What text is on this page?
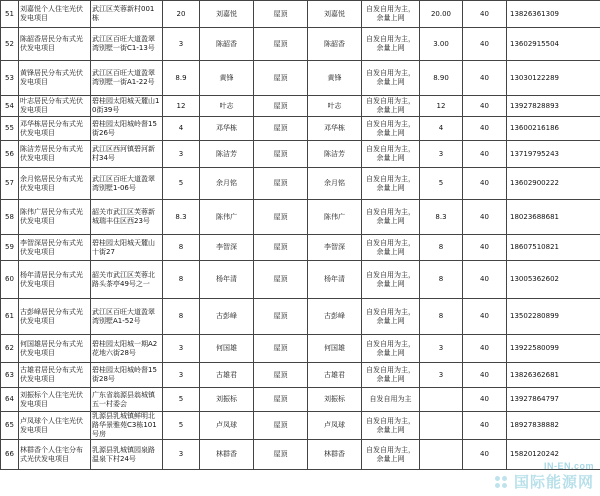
51	刘嘉悦个人住宅光伏发电项目	武江区芙蓉新村001栋	20	刘嘉悦	屋顶	刘嘉悦	自发自用为主，余量上网	20.00	40	13826361309
52	陈韶香居民分布式光伏发电项目	武江区百旺大道盈翠湾别墅一街C1-13号	3	陈韶香	屋顶	陈韶香	自发自用为主，余量上网	3.00	40	13602915504
53	黄锋居民分布式光伏发电项目	武江区百旺大道盈翠湾别墅一街A1-22号	8.9	黄锋	屋顶	黄锋	自发自用为主，余量上网	8.90	40	13030122289
54	叶志居民分布式光伏发电项目	碧桂园太阳城天麓山10街39号	12	叶志	屋顶	叶志	自发自用为主，余量上网	12	40	13927828893
55	邓华栋居民分布式光伏发电项目	碧桂园太阳城岭督15街26号	4	邓华栋	屋顶	邓华栋	自发自用为主，余量上网	4	40	13600216186
56	陈洁芳居民分布式光伏发电项目	武江区西河镇碧河新村34号	3	陈洁芳	屋顶	陈洁芳	自发自用为主，余量上网	3	40	13719795243
57	余月铭居民分布式光伏发电项目	武江区百旺大道盈翠湾别墅1-06号	5	余月铭	屋顶	余月铭	自发自用为主，余量上网	5	40	13602900222
58	陈伟广居民分布式光伏发电项目	韶关市武江区芙蓉新城瑞丰住区西23号	8.3	陈伟广	屋顶	陈伟广	自发自用为主，余量上网	8.3	40	18023688681
59	李智深居民分布式光伏发电项目	碧桂园太阳城天麓山十街27	8	李智深	屋顶	李智深	自发自用为主，余量上网	8	40	18607510821
60	杨年清居民分布式光伏发电项目	韶关市武江区芙蓉北路头茶亭49号之一	8	杨年清	屋顶	杨年清	自发自用为主，余量上网	8	40	13005362602
61	古彭峰居民分布式光伏发电项目	武江区百旺大道盈翠湾别墅A1-52号	8	古彭峰	屋顶	古彭峰	自发自用为主，余量上网	8	40	13502280899
62	何国雄居民分布式光伏发电项目	碧桂园太阳城一期A2花地六街28号	3	何国雄	屋顶	何国雄	自发自用为主，余量上网	3	40	13922580099
63	古雄君居民分布式光伏发电项目	碧桂园太阳城岭督15街28号	3	古雄君	屋顶	古雄君	自发自用为主，余量上网	3	40	13826362681
64	刘振标个人住宅光伏发电项目	广东省翁源县翁城镇五一村委会	5	刘振标	屋顶	刘振标	自发自用为主		40	13927864797
65	卢凤球个人住宅光伏发电项目	乳源县乳城镇鲜明北路华景雅苑C3栋101号房	5	卢凤球	屋顶	卢凤球	自发自用为主，余量上网		40	18927838882
66	林群香个人住宅分布式光伏发电项目	乳源县乳城镇园泉路温泉下村24号	3	林群香	屋顶	林群香	自发自用为主，余量上网		40	15820120242
IN-EN.com
国际能源网
